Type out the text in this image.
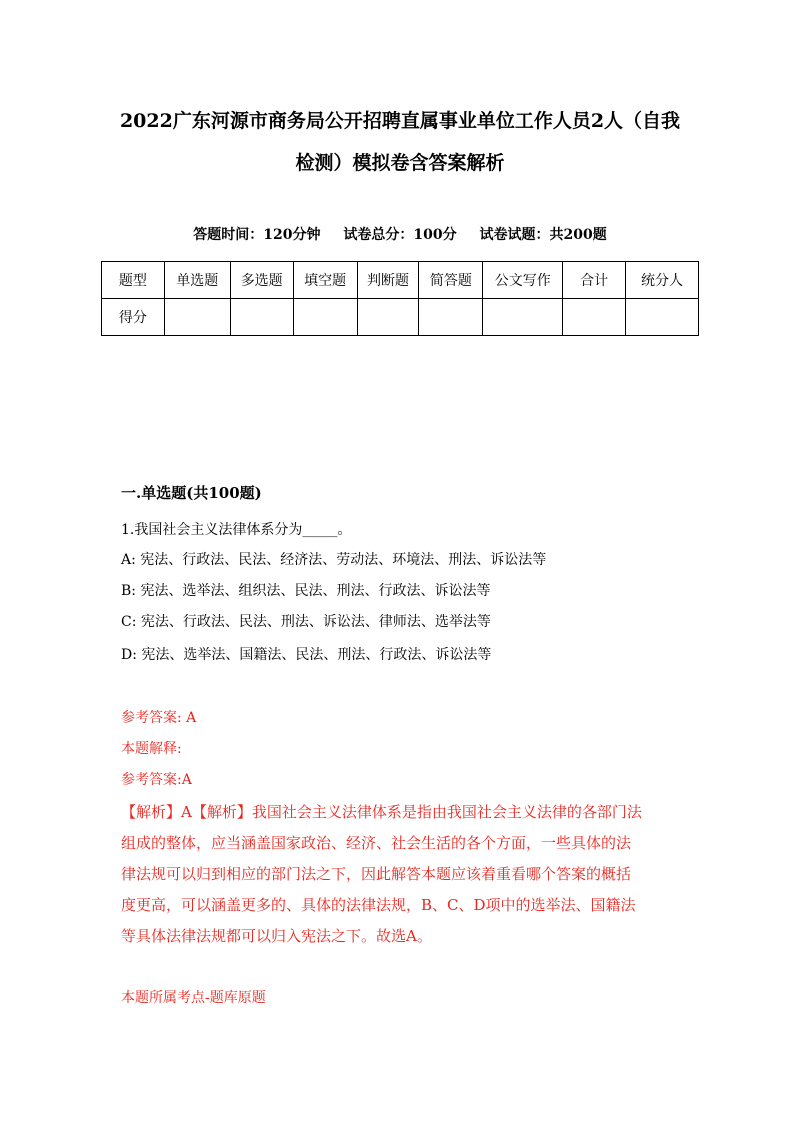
2022广东河源市商务局公开招聘直属事业单位工作人员2人（自我
检测）模拟卷含答案解析
答题时间：120分钟 试卷总分：100分 试卷试题：共200题
题型	单选题	多选题	填空题	判断题	简答题	公文写作	合计	统分人
得分								
一.单选题(共100题)
1.我国社会主义法律体系分为_____。
A: 宪法、行政法、民法、经济法、劳动法、环境法、刑法、诉讼法等
B: 宪法、选举法、组织法、民法、刑法、行政法、诉讼法等
C: 宪法、行政法、民法、刑法、诉讼法、律师法、选举法等
D: 宪法、选举法、国籍法、民法、刑法、行政法、诉讼法等
参考答案: A
本题解释:
参考答案:A
【解析】A【解析】我国社会主义法律体系是指由我国社会主义法律的各部门法
组成的整体，应当涵盖国家政治、经济、社会生活的各个方面，一些具体的法
律法规可以归到相应的部门法之下，因此解答本题应该着重看哪个答案的概括
度更高，可以涵盖更多的、具体的法律法规，B、C、D项中的选举法、国籍法
等具体法律法规都可以归入宪法之下。故选A。
本题所属考点-题库原题
